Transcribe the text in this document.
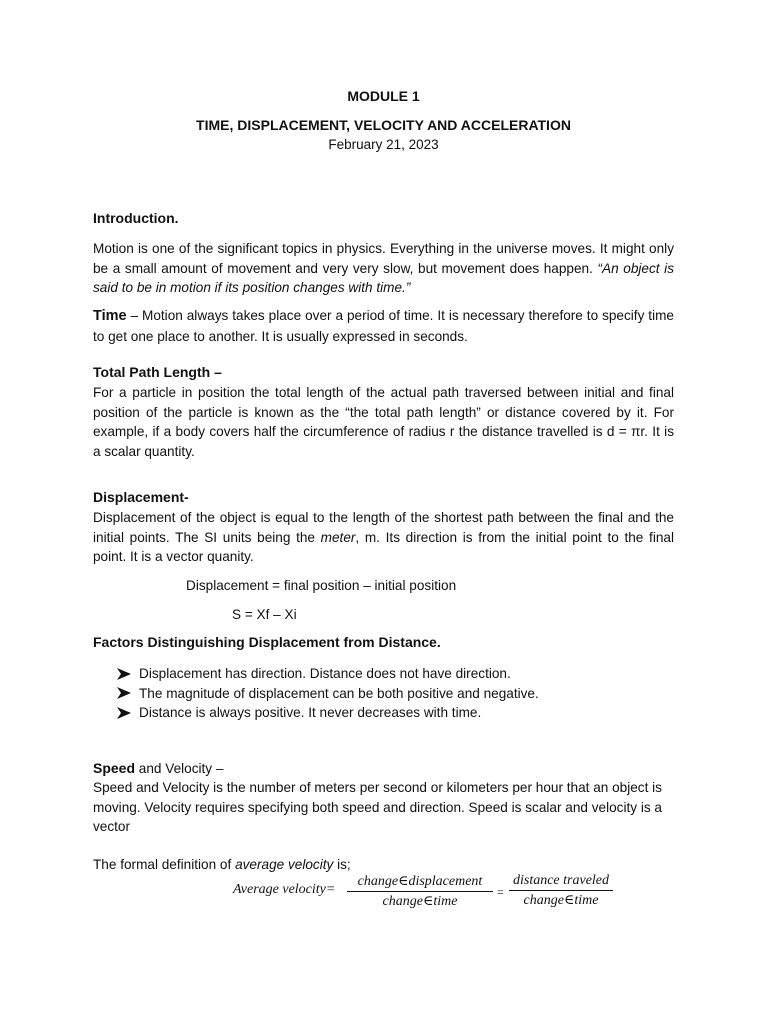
MODULE 1
TIME, DISPLACEMENT, VELOCITY AND ACCELERATION
February 21, 2023
Introduction.
Motion is one of the significant topics in physics. Everything in the universe moves. It might only be a small amount of movement and very very slow, but movement does happen. “An object is said to be in motion if its position changes with time.”
Time – Motion always takes place over a period of time. It is necessary therefore to specify time to get one place to another. It is usually expressed in seconds.
Total Path Length –
For a particle in position the total length of the actual path traversed between initial and final position of the particle is known as the “the total path length” or distance covered by it. For example, if a body covers half the circumference of radius r the distance travelled is d = πr. It is a scalar quantity.
Displacement-
Displacement of the object is equal to the length of the shortest path between the final and the initial points. The SI units being the meter, m. Its direction is from the initial point to the final point. It is a vector quanity.
Displacement = final position – initial position
S = Xf – Xi
Factors Distinguishing Displacement from Distance.
Displacement has direction. Distance does not have direction.
The magnitude of displacement can be both positive and negative.
Distance is always positive. It never decreases with time.
Speed and Velocity –
Speed and Velocity is the number of meters per second or kilometers per hour that an object is moving. Velocity requires specifying both speed and direction. Speed is scalar and velocity is a vector
The formal definition of average velocity is;
Average velocity=
change∈displacement
change∈time
=
distance traveled
change∈time
